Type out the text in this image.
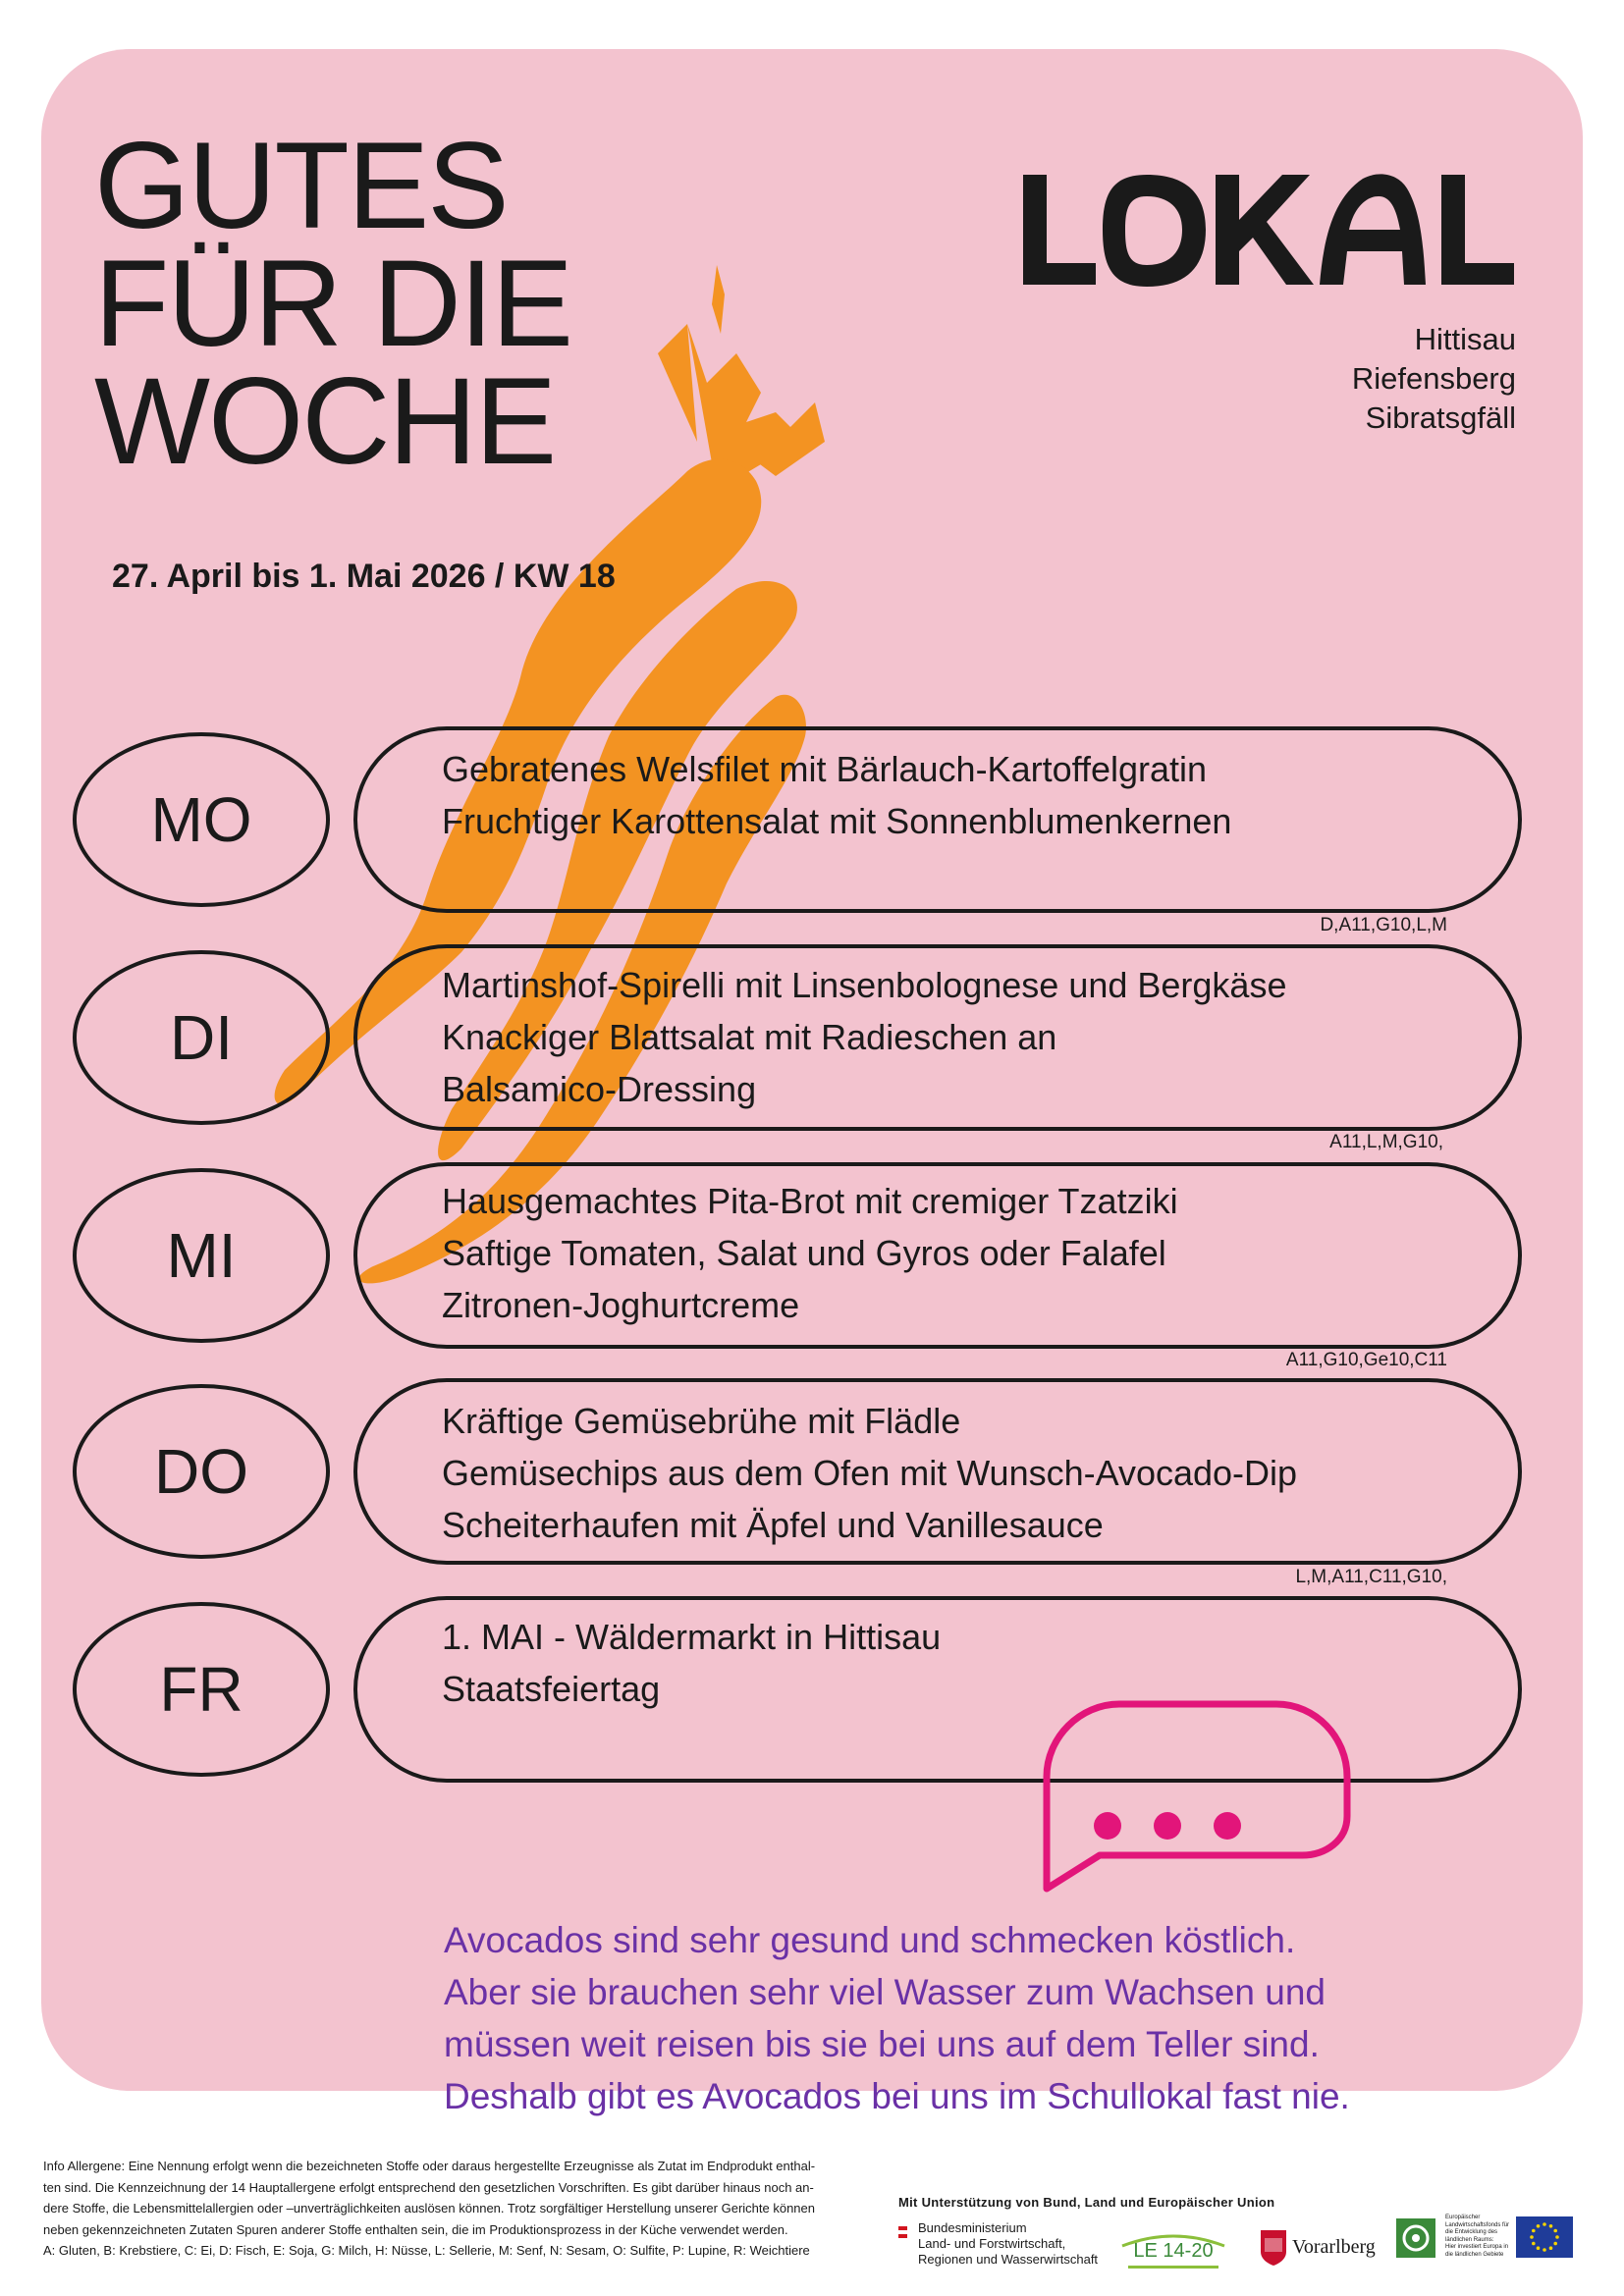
GUTES
FÜR DIE
WOCHE
27. April bis 1. Mai 2026 / KW 18
Hittisau
Riefensberg
Sibratsgfäll
MO
Gebratenes Welsfilet mit Bärlauch-Kartoffelgratin
Fruchtiger Karottensalat mit Sonnenblumenkernen
D,A11,G10,L,M
DI
Martinshof-Spirelli mit Linsenbolognese und Bergkäse
Knackiger Blattsalat mit Radieschen an
Balsamico-Dressing
A11,L,M,G10,
MI
Hausgemachtes Pita-Brot mit cremiger Tzatziki
Saftige Tomaten, Salat und Gyros oder Falafel
Zitronen-Joghurtcreme
A11,G10,Ge10,C11
DO
Kräftige Gemüsebrühe mit Flädle
Gemüsechips aus dem Ofen mit Wunsch-Avocado-Dip
Scheiterhaufen mit Äpfel und Vanillesauce
L,M,A11,C11,G10,
FR
1. MAI - Wäldermarkt in Hittisau
Staatsfeiertag
Avocados sind sehr gesund und schmecken köstlich.
Aber sie brauchen sehr viel Wasser zum Wachsen und
müssen weit reisen bis sie bei uns auf dem Teller sind.
Deshalb gibt es Avocados bei uns im Schullokal fast nie.
Info Allergene: Eine Nennung erfolgt wenn die bezeichneten Stoffe oder daraus hergestellte Erzeugnisse als Zutat im Endprodukt enthal-
ten sind. Die Kennzeichnung der 14 Hauptallergene erfolgt entsprechend den gesetzlichen Vorschriften. Es gibt darüber hinaus noch an-
dere Stoffe, die Lebensmittelallergien oder –unverträglichkeiten auslösen können. Trotz sorgfältiger Herstellung unserer Gerichte können
neben gekennzeichneten Zutaten Spuren anderer Stoffe enthalten sein, die im Produktionsprozess in der Küche verwendet werden.
A: Gluten, B: Krebstiere, C: Ei, D: Fisch, E: Soja, G: Milch, H: Nüsse, L: Sellerie, M: Senf, N: Sesam, O: Sulfite, P: Lupine, R: Weichtiere
Mit Unterstützung von Bund, Land und Europäischer Union
Bundesministerium
Land- und Forstwirtschaft,
Regionen und Wasserwirtschaft	LE 14-20	Vorarlberg
Europäischer
Landwirtschaftsfonds für
die Entwicklung des
ländlichen Raums:
Hier investiert Europa in
die ländlichen Gebiete
